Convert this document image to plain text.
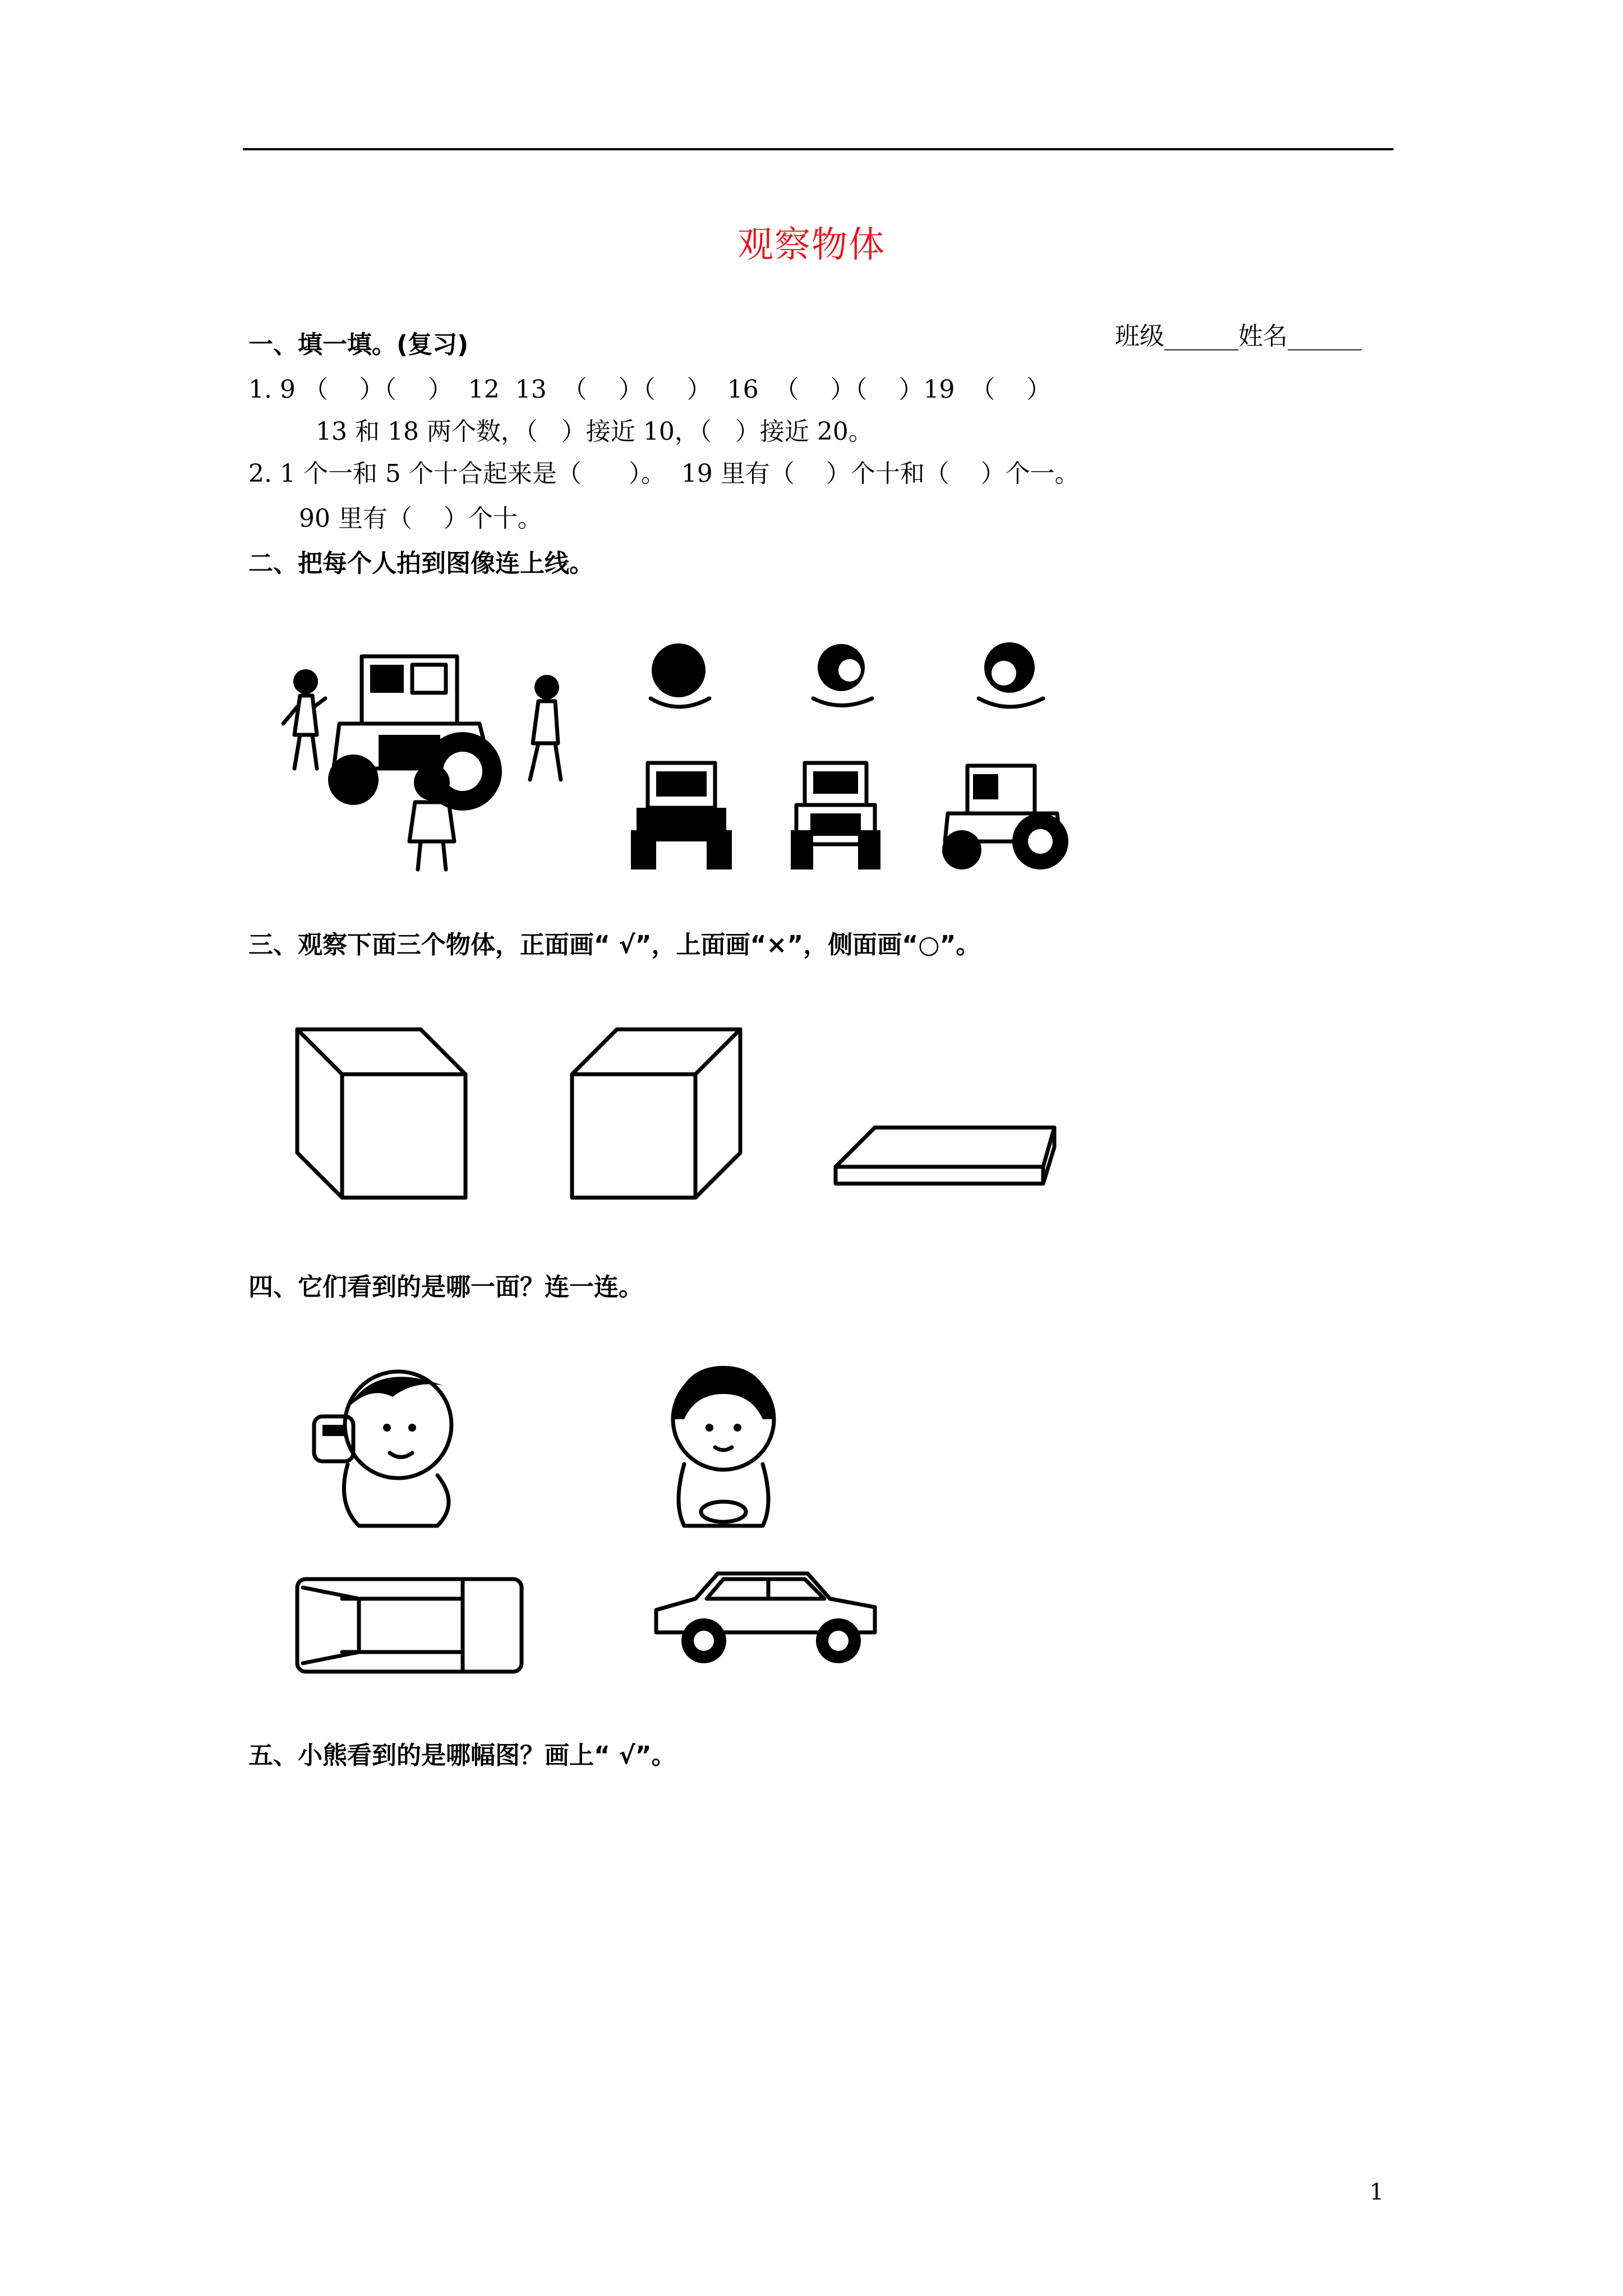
观察物体

班级______姓名______

一、填一填。(复习)
1. 9 （    ）（    ）  12  13  （    ）（    ）  16  （    ）（    ）19  （    ）
13 和 18 两个数，（   ）接近 10，（   ）接近 20。
2. 1 个一和 5 个十合起来是（      ）。  19 里有（    ）个十和（    ）个一。
90 里有（    ）个十。
二、把每个人拍到图像连上线。
三、观察下面三个物体，正面画“ √”，上面画“×”，侧面画“○”。
四、它们看到的是哪一面？连一连。
五、小熊看到的是哪幅图？画上“ √”。
1
